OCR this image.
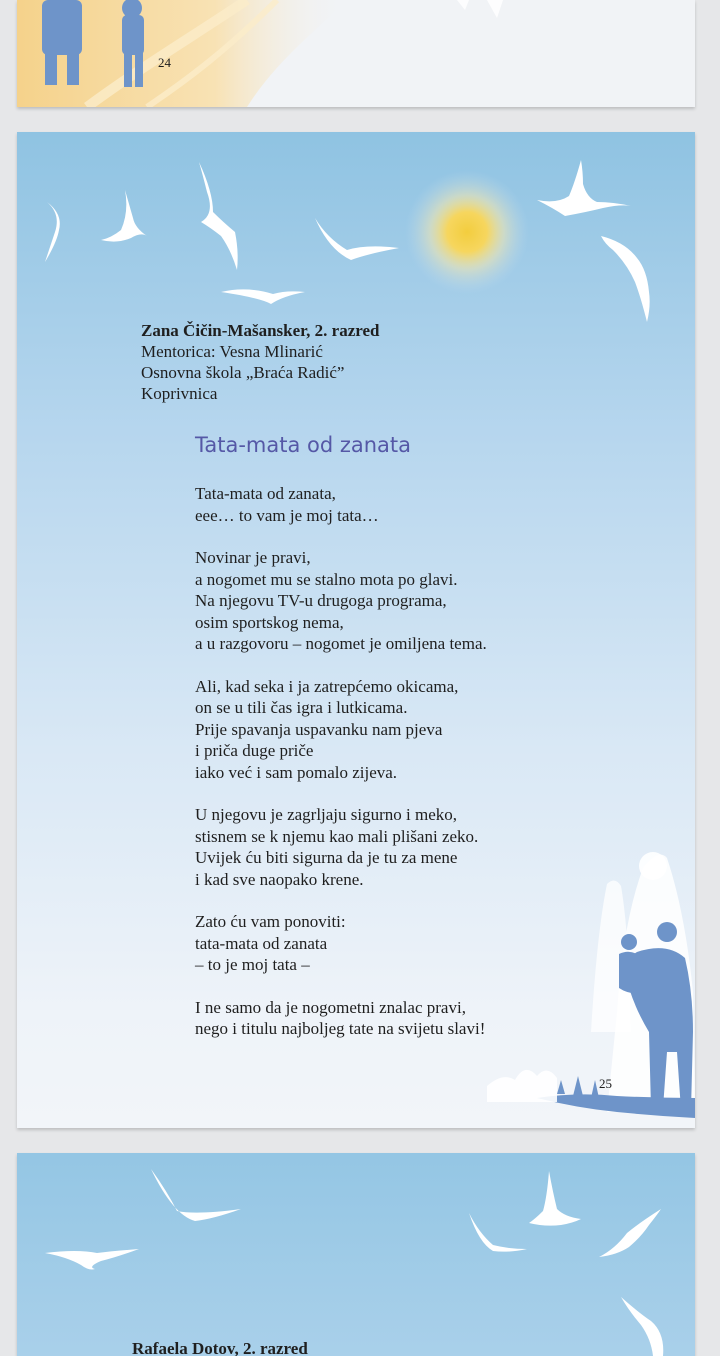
24
Zana Čičin-Mašansker, 2. razred
Mentorica: Vesna Mlinarić
Osnovna škola „Braća Radić”
Koprivnica
Tata-mata od zanata
Tata-mata od zanata,
eee… to vam je moj tata…
Novinar je pravi,
a nogomet mu se stalno mota po glavi.
Na njegovu TV-u drugoga programa,
osim sportskog nema,
a u razgovoru – nogomet je omiljena tema.
Ali, kad seka i ja zatrepćemo okicama,
on se u tili čas igra i lutkicama.
Prije spavanja uspavanku nam pjeva
i priča duge priče
iako već i sam pomalo zijeva.
U njegovu je zagrljaju sigurno i meko,
stisnem se k njemu kao mali plišani zeko.
Uvijek ću biti sigurna da je tu za mene
i kad sve naopako krene.
Zato ću vam ponoviti:
tata-mata od zanata
– to je moj tata –
I ne samo da je nogometni znalac pravi,
nego i titulu najboljeg tate na svijetu slavi!
25
Rafaela Dotov, 2. razred
